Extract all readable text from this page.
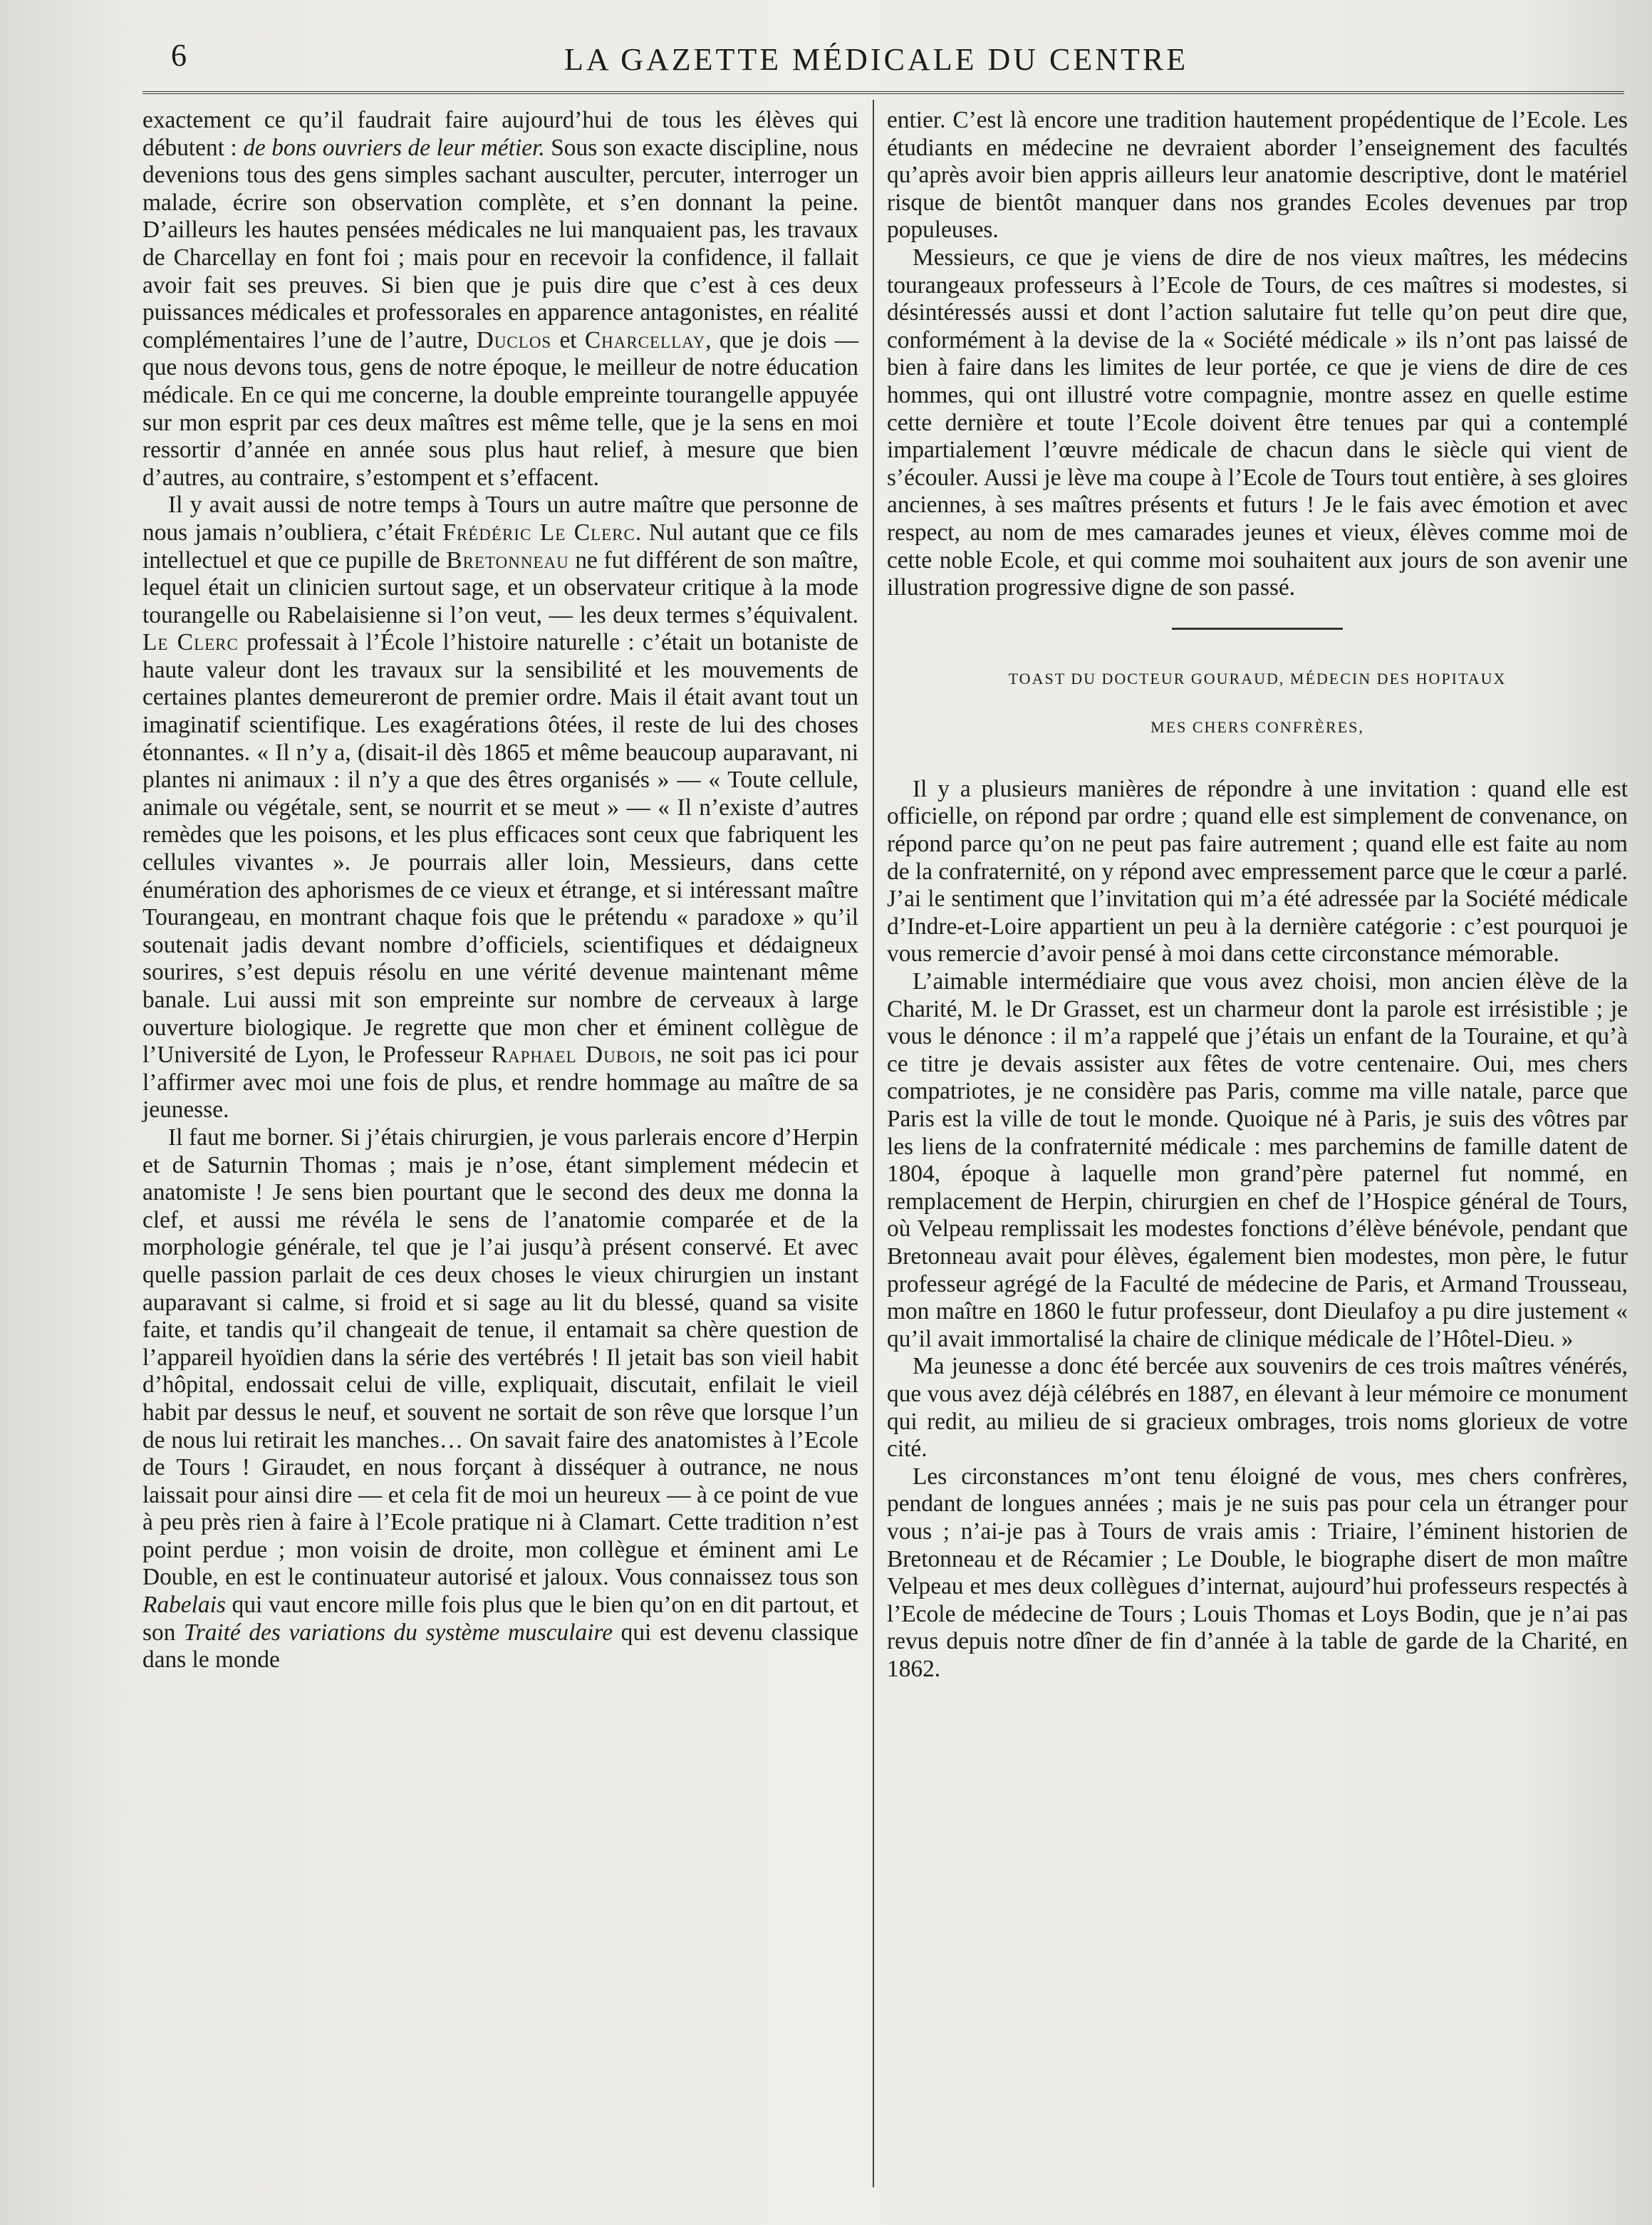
6	LA GAZETTE MÉDICALE DU CENTRE

exactement ce qu’il faudrait faire aujourd’hui de tous les élèves qui débutent : de bons ouvriers de leur métier. Sous son exacte discipline, nous devenions tous des gens simples sachant ausculter, percuter, interroger un malade, écrire son observation complète, et s’en donnant la peine. D’ailleurs les hautes pensées médicales ne lui manquaient pas, les travaux de Charcellay en font foi ; mais pour en recevoir la confidence, il fallait avoir fait ses preuves. Si bien que je puis dire que c’est à ces deux puissances médicales et professorales en apparence antagonistes, en réalité complémentaires l’une de l’autre, Duclos et Charcellay, que je dois — que nous devons tous, gens de notre époque, le meilleur de notre éducation médicale. En ce qui me concerne, la double empreinte tourangelle appuyée sur mon esprit par ces deux maîtres est même telle, que je la sens en moi ressortir d’année en année sous plus haut relief, à mesure que bien d’autres, au contraire, s’estompent et s’effacent.

Il y avait aussi de notre temps à Tours un autre maître que personne de nous jamais n’oubliera, c’était Frédéric Le Clerc. Nul autant que ce fils intellectuel et que ce pupille de Bretonneau ne fut différent de son maître, lequel était un clinicien surtout sage, et un observateur critique à la mode tourangelle ou Rabelaisienne si l’on veut, — les deux termes s’équivalent. Le Clerc professait à l’École l’histoire naturelle : c’était un botaniste de haute valeur dont les travaux sur la sensibilité et les mouvements de certaines plantes demeureront de premier ordre. Mais il était avant tout un imaginatif scientifique. Les exagérations ôtées, il reste de lui des choses étonnantes. « Il n’y a, (disait-il dès 1865 et même beaucoup auparavant, ni plantes ni animaux : il n’y a que des êtres organisés » — « Toute cellule, animale ou végétale, sent, se nourrit et se meut » — « Il n’existe d’autres remèdes que les poisons, et les plus efficaces sont ceux que fabriquent les cellules vivantes ». Je pourrais aller loin, Messieurs, dans cette énumération des aphorismes de ce vieux et étrange, et si intéressant maître Tourangeau, en montrant chaque fois que le prétendu « paradoxe » qu’il soutenait jadis devant nombre d’officiels, scientifiques et dédaigneux sourires, s’est depuis résolu en une vérité devenue maintenant même banale. Lui aussi mit son empreinte sur nombre de cerveaux à large ouverture biologique. Je regrette que mon cher et éminent collègue de l’Université de Lyon, le Professeur Raphael Dubois, ne soit pas ici pour l’affirmer avec moi une fois de plus, et rendre hommage au maître de sa jeunesse.

Il faut me borner. Si j’étais chirurgien, je vous parlerais encore d’Herpin et de Saturnin Thomas ; mais je n’ose, étant simplement médecin et anatomiste ! Je sens bien pourtant que le second des deux me donna la clef, et aussi me révéla le sens de l’anatomie comparée et de la morphologie générale, tel que je l’ai jusqu’à présent conservé. Et avec quelle passion parlait de ces deux choses le vieux chirurgien un instant auparavant si calme, si froid et si sage au lit du blessé, quand sa visite faite, et tandis qu’il changeait de tenue, il entamait sa chère question de l’appareil hyoïdien dans la série des vertébrés ! Il jetait bas son vieil habit d’hôpital, endossait celui de ville, expliquait, discutait, enfilait le vieil habit par dessus le neuf, et souvent ne sortait de son rêve que lorsque l’un de nous lui retirait les manches… On savait faire des anatomistes à l’Ecole de Tours ! Giraudet, en nous forçant à disséquer à outrance, ne nous laissait pour ainsi dire — et cela fit de moi un heureux — à ce point de vue à peu près rien à faire à l’Ecole pratique ni à Clamart. Cette tradition n’est point perdue ; mon voisin de droite, mon collègue et éminent ami Le Double, en est le continuateur autorisé et jaloux. Vous connaissez tous son Rabelais qui vaut encore mille fois plus que le bien qu’on en dit partout, et son Traité des variations du système musculaire qui est devenu classique dans le monde

entier. C’est là encore une tradition hautement propédentique de l’Ecole. Les étudiants en médecine ne devraient aborder l’enseignement des facultés qu’après avoir bien appris ailleurs leur anatomie descriptive, dont le matériel risque de bientôt manquer dans nos grandes Ecoles devenues par trop populeuses.

Messieurs, ce que je viens de dire de nos vieux maîtres, les médecins tourangeaux professeurs à l’Ecole de Tours, de ces maîtres si modestes, si désintéressés aussi et dont l’action salutaire fut telle qu’on peut dire que, conformément à la devise de la « Société médicale » ils n’ont pas laissé de bien à faire dans les limites de leur portée, ce que je viens de dire de ces hommes, qui ont illustré votre compagnie, montre assez en quelle estime cette dernière et toute l’Ecole doivent être tenues par qui a contemplé impartialement l’œuvre médicale de chacun dans le siècle qui vient de s’écouler. Aussi je lève ma coupe à l’Ecole de Tours tout entière, à ses gloires anciennes, à ses maîtres présents et futurs ! Je le fais avec émotion et avec respect, au nom de mes camarades jeunes et vieux, élèves comme moi de cette noble Ecole, et qui comme moi souhaitent aux jours de son avenir une illustration progressive digne de son passé.

TOAST DU DOCTEUR GOURAUD, MÉDECIN DES HOPITAUX
MES CHERS CONFRÈRES,

Il y a plusieurs manières de répondre à une invitation : quand elle est officielle, on répond par ordre ; quand elle est simplement de convenance, on répond parce qu’on ne peut pas faire autrement ; quand elle est faite au nom de la confraternité, on y répond avec empressement parce que le cœur a parlé. J’ai le sentiment que l’invitation qui m’a été adressée par la Société médicale d’Indre-et-Loire appartient un peu à la dernière catégorie : c’est pourquoi je vous remercie d’avoir pensé à moi dans cette circonstance mémorable.

L’aimable intermédiaire que vous avez choisi, mon ancien élève de la Charité, M. le Dr Grasset, est un charmeur dont la parole est irrésistible ; je vous le dénonce : il m’a rappelé que j’étais un enfant de la Touraine, et qu’à ce titre je devais assister aux fêtes de votre centenaire. Oui, mes chers compatriotes, je ne considère pas Paris, comme ma ville natale, parce que Paris est la ville de tout le monde. Quoique né à Paris, je suis des vôtres par les liens de la confraternité médicale : mes parchemins de famille datent de 1804, époque à laquelle mon grand’père paternel fut nommé, en remplacement de Herpin, chirurgien en chef de l’Hospice général de Tours, où Velpeau remplissait les modestes fonctions d’élève bénévole, pendant que Bretonneau avait pour élèves, également bien modestes, mon père, le futur professeur agrégé de la Faculté de médecine de Paris, et Armand Trousseau, mon maître en 1860 le futur professeur, dont Dieulafoy a pu dire justement « qu’il avait immortalisé la chaire de clinique médicale de l’Hôtel-Dieu. »

Ma jeunesse a donc été bercée aux souvenirs de ces trois maîtres vénérés, que vous avez déjà célébrés en 1887, en élevant à leur mémoire ce monument qui redit, au milieu de si gracieux ombrages, trois noms glorieux de votre cité.

Les circonstances m’ont tenu éloigné de vous, mes chers confrères, pendant de longues années ; mais je ne suis pas pour cela un étranger pour vous ; n’ai-je pas à Tours de vrais amis : Triaire, l’éminent historien de Bretonneau et de Récamier ; Le Double, le biographe disert de mon maître Velpeau et mes deux collègues d’internat, aujourd’hui professeurs respectés à l’Ecole de médecine de Tours ; Louis Thomas et Loys Bodin, que je n’ai pas revus depuis notre dîner de fin d’année à la table de garde de la Charité, en 1862.
